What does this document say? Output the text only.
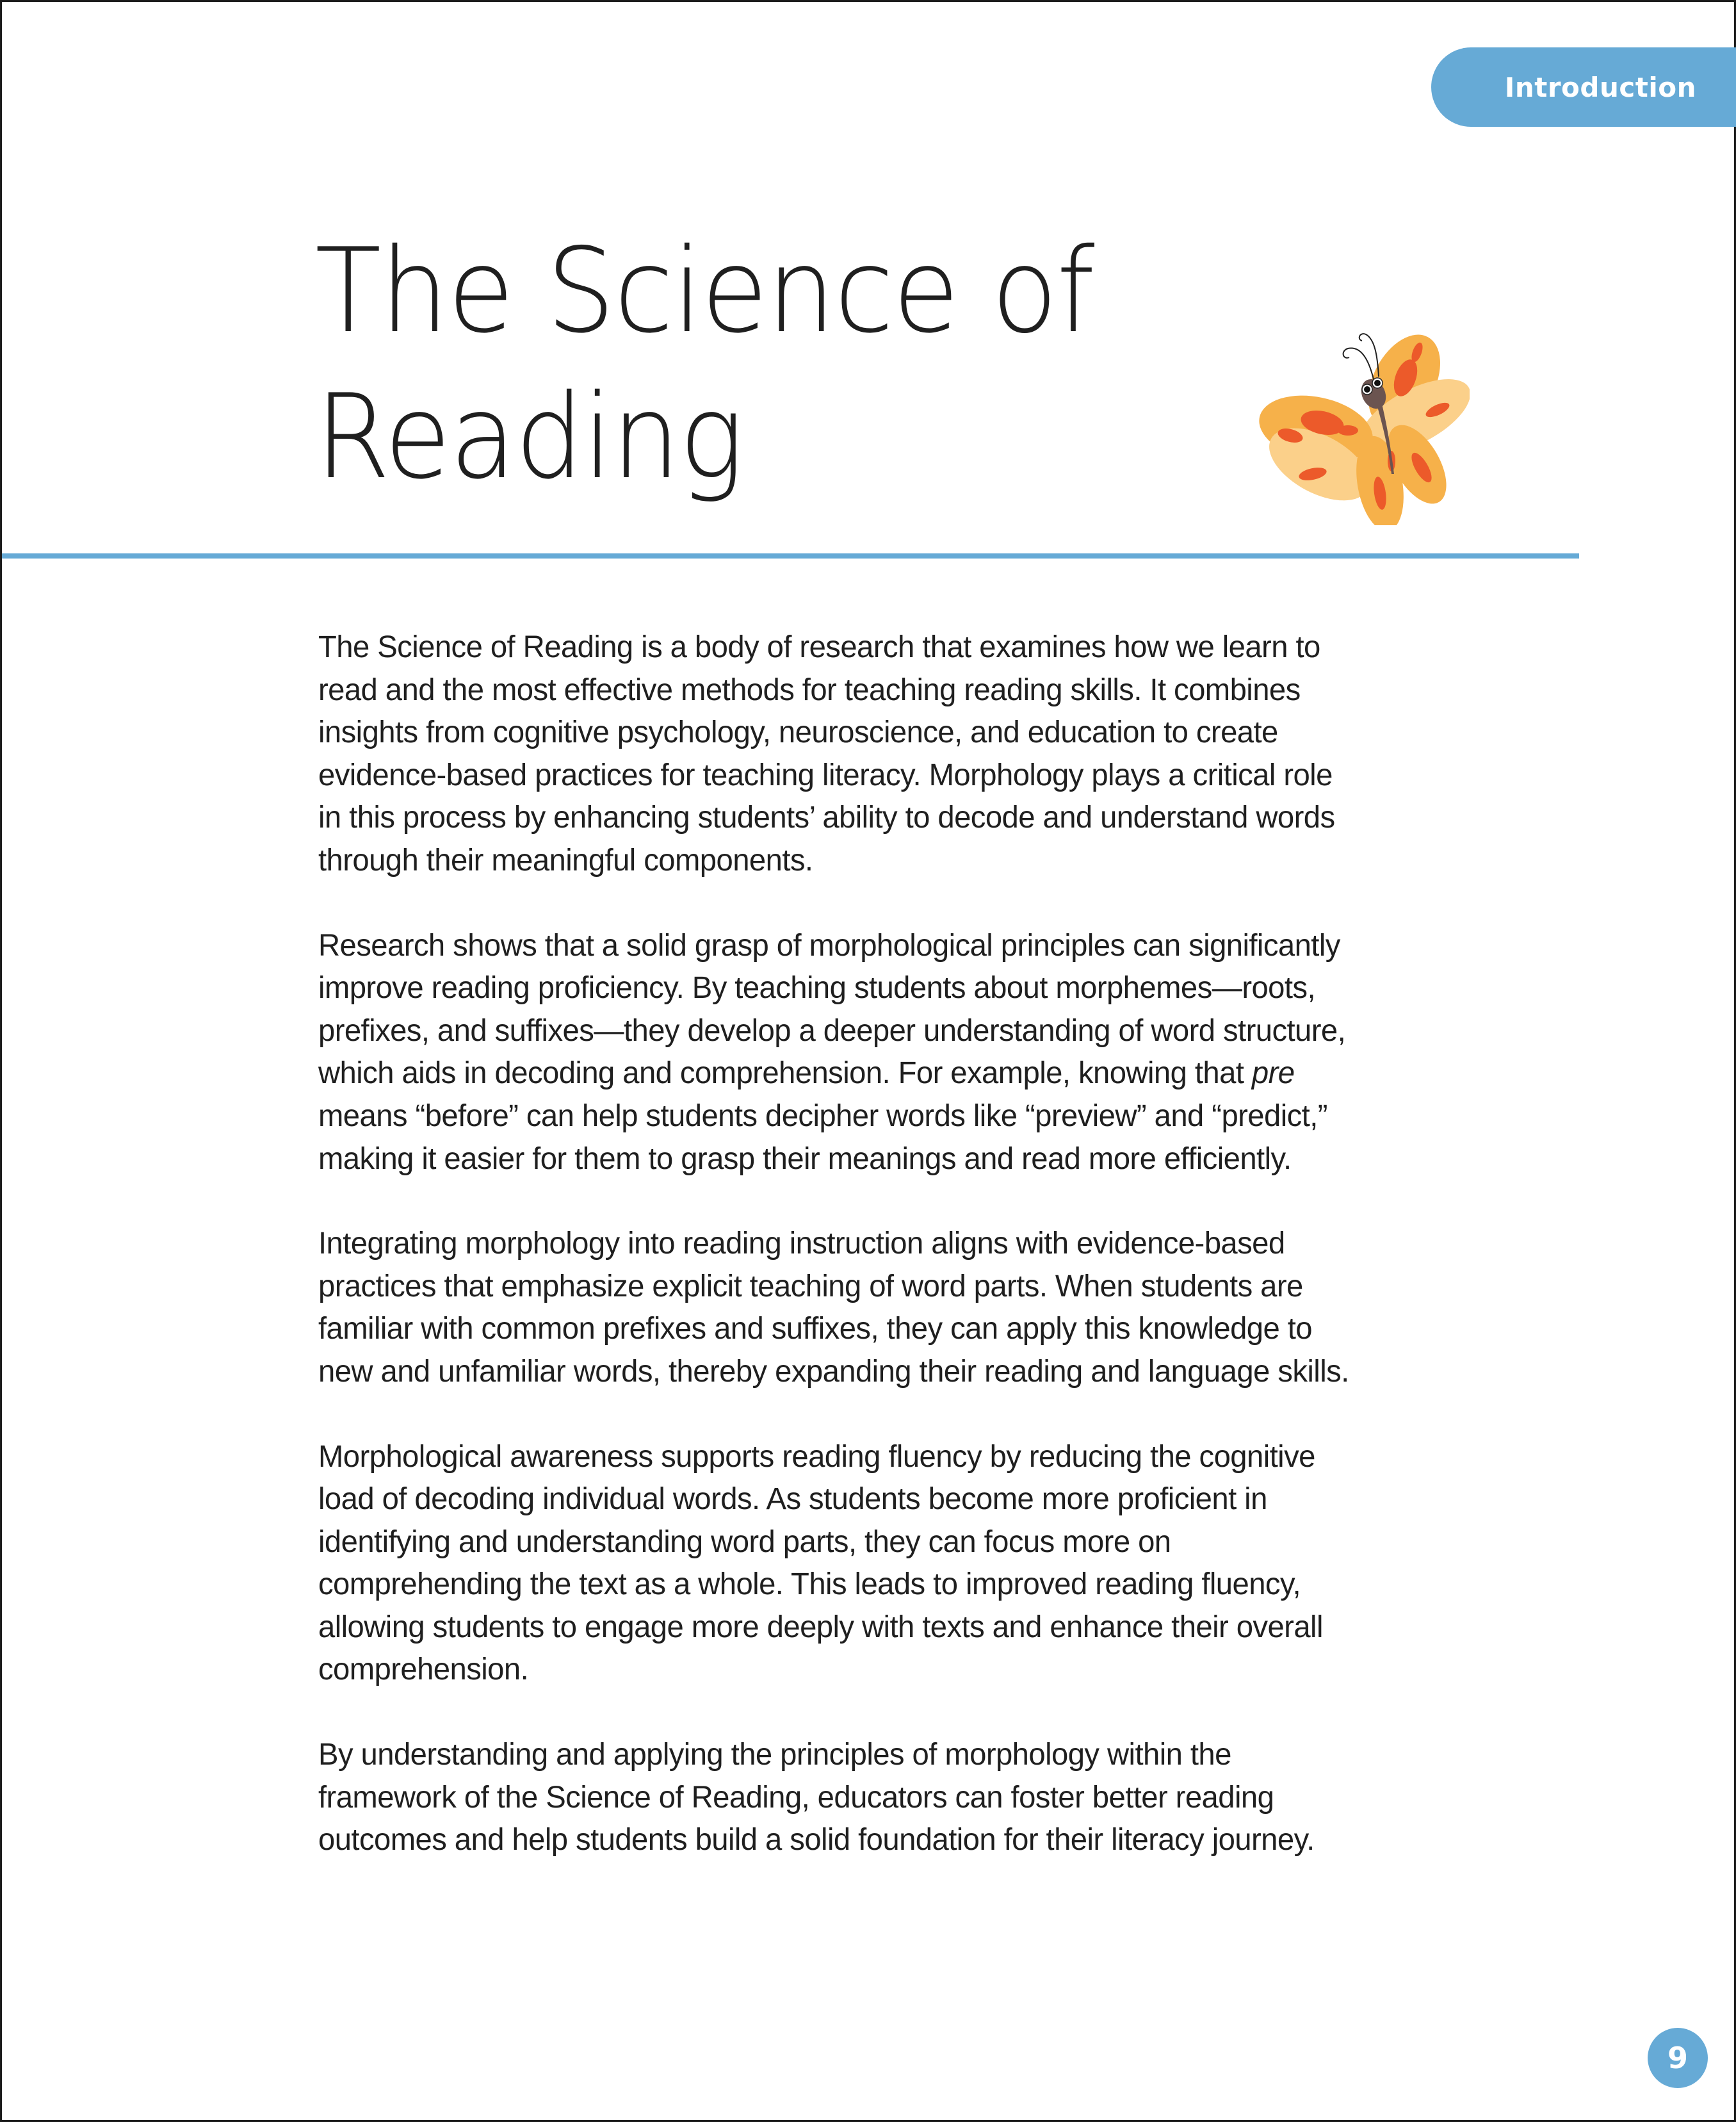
Introduction
The Science of
Reading

The Science of Reading is a body of research that examines how we learn to
read and the most effective methods for teaching reading skills. It combines
insights from cognitive psychology, neuroscience, and education to create
evidence-based practices for teaching literacy. Morphology plays a critical role
in this process by enhancing students’ ability to decode and understand words
through their meaningful components.

Research shows that a solid grasp of morphological principles can significantly
improve reading proficiency. By teaching students about morphemes—roots,
prefixes, and suffixes—they develop a deeper understanding of word structure,
which aids in decoding and comprehension. For example, knowing that pre
means “before” can help students decipher words like “preview” and “predict,”
making it easier for them to grasp their meanings and read more efficiently.

Integrating morphology into reading instruction aligns with evidence-based
practices that emphasize explicit teaching of word parts. When students are
familiar with common prefixes and suffixes, they can apply this knowledge to
new and unfamiliar words, thereby expanding their reading and language skills.

Morphological awareness supports reading fluency by reducing the cognitive
load of decoding individual words. As students become more proficient in
identifying and understanding word parts, they can focus more on
comprehending the text as a whole. This leads to improved reading fluency,
allowing students to engage more deeply with texts and enhance their overall
comprehension.

By understanding and applying the principles of morphology within the
framework of the Science of Reading, educators can foster better reading
outcomes and help students build a solid foundation for their literacy journey.

9
